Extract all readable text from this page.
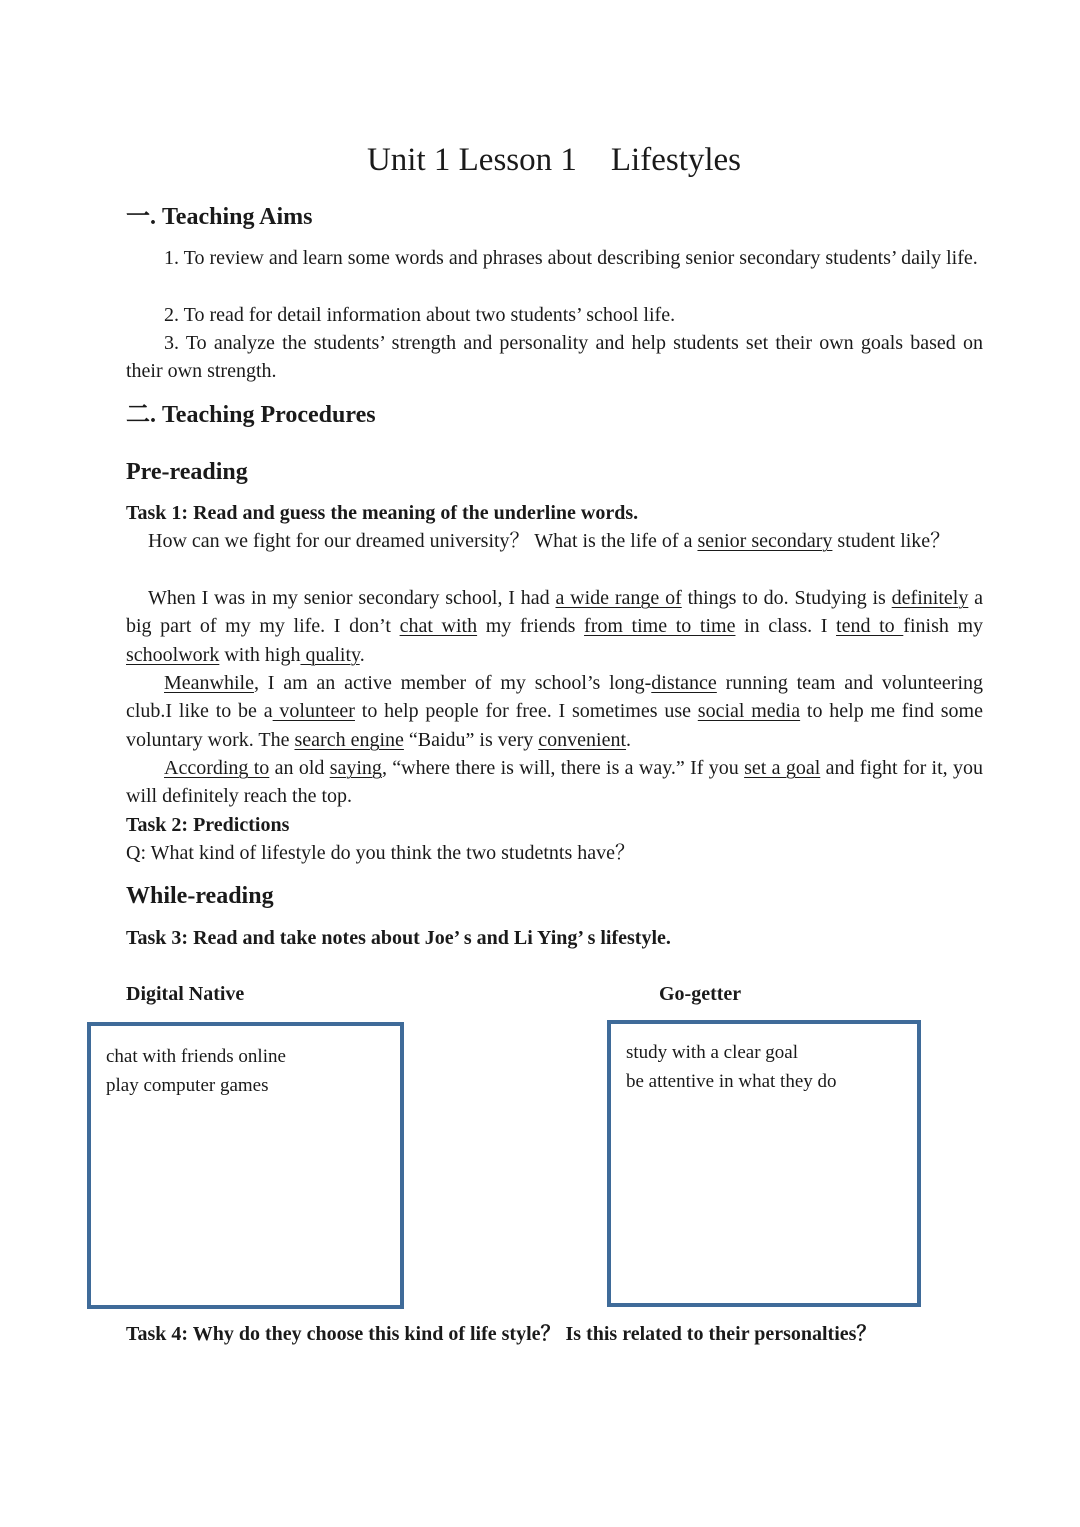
Unit 1 Lesson 1 Lifestyles
一. Teaching Aims
1. To review and learn some words and phrases about describing senior secondary students’ daily life.
2. To read for detail information about two students’ school life.
3. To analyze the students’ strength and personality and help students set their own goals based on their own strength.
二. Teaching Procedures
Pre-reading
Task 1: Read and guess the meaning of the underline words.
How can we fight for our dreamed university？ What is the life of a senior secondary student like？
When I was in my senior secondary school, I had a wide range of things to do. Studying is definitely a big part of my my life. I don’t chat with my friends from time to time in class. I tend to finish my schoolwork with high quality.
Meanwhile, I am an active member of my school’s long-distance running team and volunteering club.I like to be a volunteer to help people for free. I sometimes use social media to help me find some voluntary work. The search engine “Baidu” is very convenient.
According to an old saying, “where there is will, there is a way.” If you set a goal and fight for it, you will definitely reach the top.
Task 2: Predictions
Q: What kind of lifestyle do you think the two studetnts have？
While-reading
Task 3: Read and take notes about Joe’ s and Li Ying’ s lifestyle.
Digital Native	Go-getter
chat with friends online
play computer games
study with a clear goal
be attentive in what they do
Task 4: Why do they choose this kind of life style？ Is this related to their personalties？
